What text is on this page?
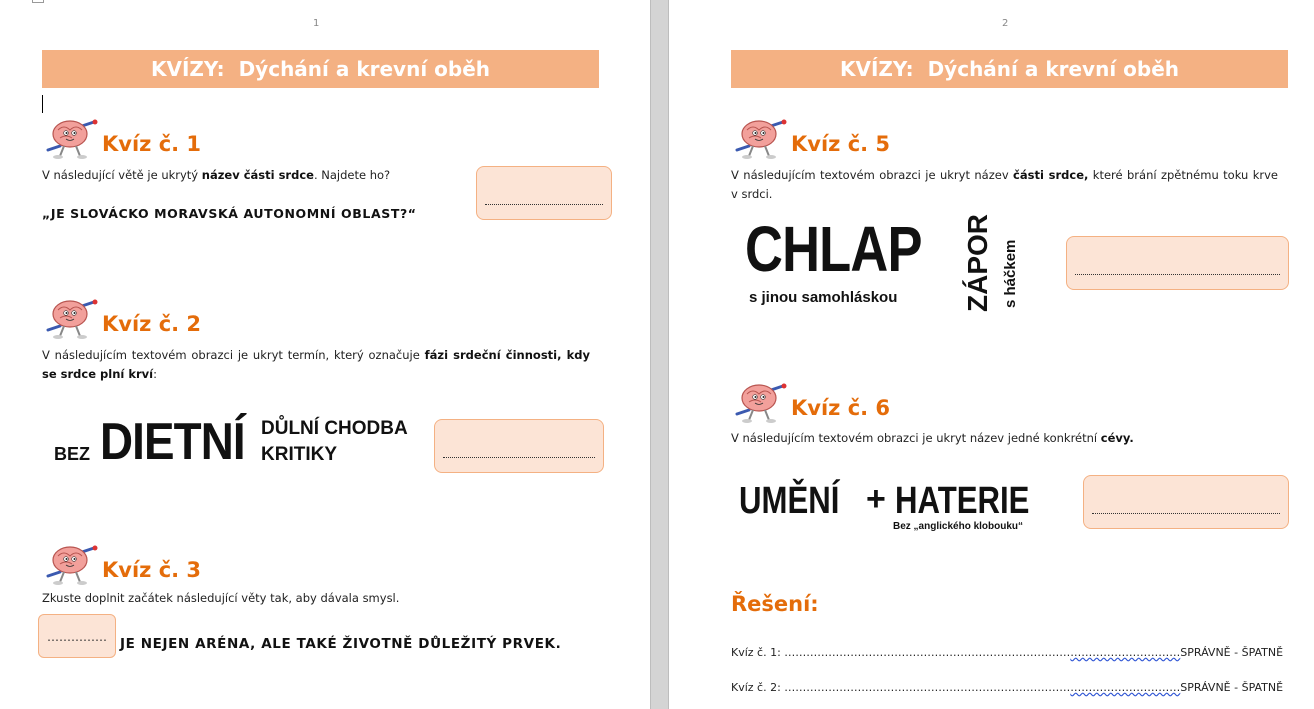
1
KVÍZY:  Dýchání a krevní oběh
Kvíz č. 1
V následující větě je ukrytý název části srdce. Najdete ho?
„JE SLOVÁCKO MORAVSKÁ AUTONOMNÍ OBLAST?“
Kvíz č. 2
V následujícím textovém obrazci je ukryt termín, který označuje fázi srdeční činnosti, kdy se srdce plní krví:
BEZ DIETNÍ DŮLNÍ CHODBA
KRITIKY
Kvíz č. 3
Zkuste doplnit začátek následující věty tak, aby dávala smysl.
…………… JE NEJEN ARÉNA, ALE TAKÉ ŽIVOTNĚ DŮLEŽITÝ PRVEK.
2
KVÍZY:  Dýchání a krevní oběh
Kvíz č. 5
V následujícím textovém obrazci je ukryt název části srdce, které brání zpětnému toku krve v srdci.
CHLAP
s jinou samohláskou ZÁPOR s háčkem
Kvíz č. 6
V následujícím textovém obrazci je ukryt název jedné konkrétní cévy.
UMĚNÍ + HATERIE
Bez „anglického klobouku“
Řešení:
Kvíz č. 1: ………………………………………………………………………………………………SPRÁVNĚ - ŠPATNĚ
Kvíz č. 2: ………………………………………………………………………………………………SPRÁVNĚ - ŠPATNĚ
